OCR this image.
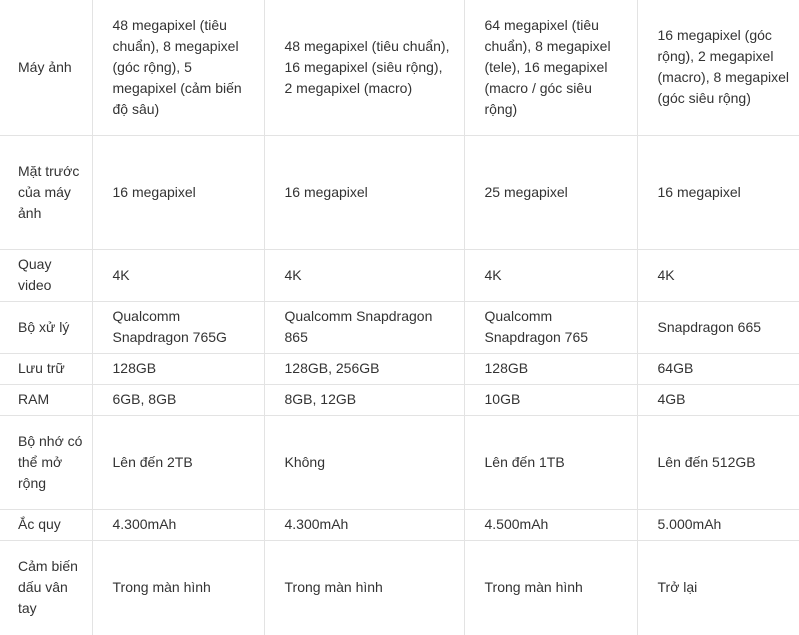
Máy ảnh	48 megapixel (tiêu chuẩn), 8 megapixel (góc rộng), 5 megapixel (cảm biến độ sâu)	48 megapixel (tiêu chuẩn), 16 megapixel (siêu rộng), 2 megapixel (macro)	64 megapixel (tiêu chuẩn), 8 megapixel (tele), 16 megapixel (macro / góc siêu rộng)	16 megapixel (góc rộng), 2 megapixel (macro), 8 megapixel (góc siêu rộng)
Mặt trước của máy ảnh	16 megapixel	16 megapixel	25 megapixel	16 megapixel
Quay video	4K	4K	4K	4K
Bộ xử lý	Qualcomm Snapdragon 765G	Qualcomm Snapdragon 865	Qualcomm Snapdragon 765	Snapdragon 665
Lưu trữ	128GB	128GB, 256GB	128GB	64GB
RAM	6GB, 8GB	8GB, 12GB	10GB	4GB
Bộ nhớ có thể mở rộng	Lên đến 2TB	Không	Lên đến 1TB	Lên đến 512GB
Ắc quy	4.300mAh	4.300mAh	4.500mAh	5.000mAh
Cảm biến dấu vân tay	Trong màn hình	Trong màn hình	Trong màn hình	Trở lại
